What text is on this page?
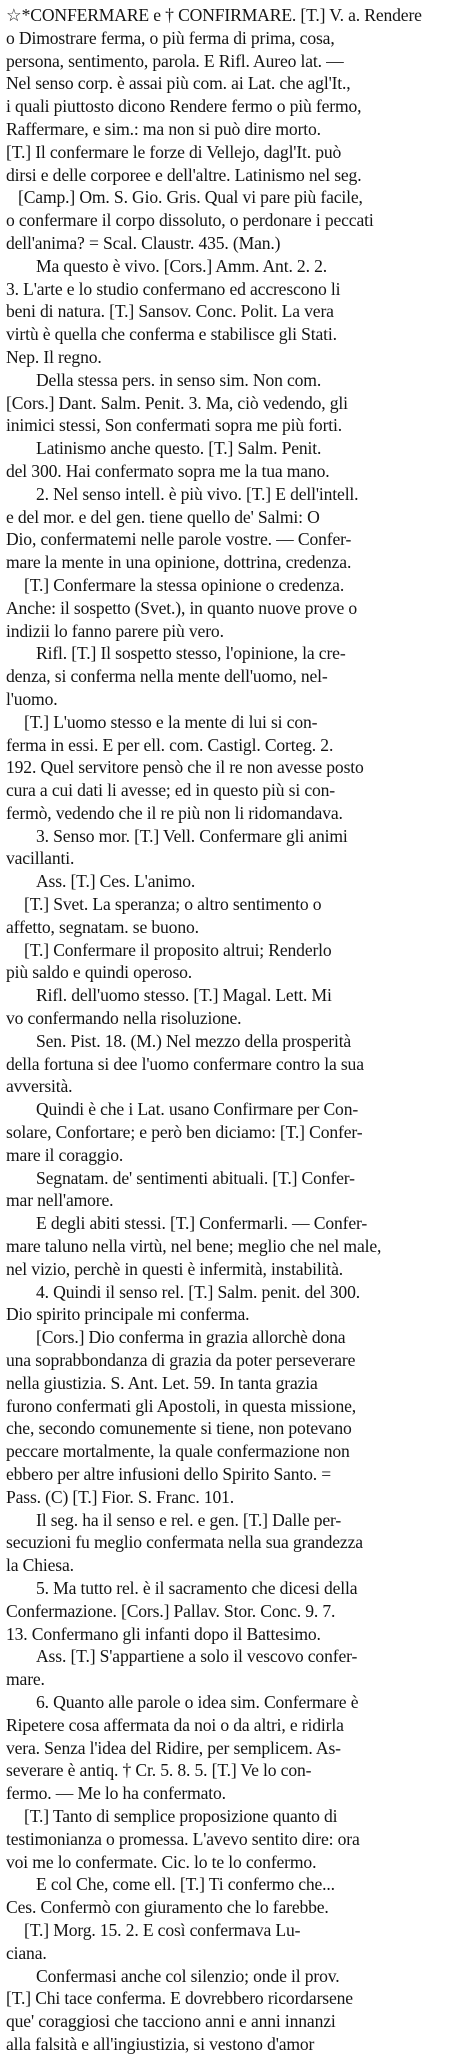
☆*CONFERMARE e † CONFIRMARE. [T.] V. a. Rendere
o Dimostrare ferma, o più ferma di prima, cosa,
persona, sentimento, parola. E Rifl. Aureo lat. —
Nel senso corp. è assai più com. ai Lat. che agl'It.,
i quali piuttosto dicono Rendere fermo o più fermo,
Raffermare, e sim.: ma non si può dire morto.
[T.] Il confermare le forze di Vellejo, dagl'It. può
dirsi e delle corporee e dell'altre. Latinismo nel seg.
[Camp.] Om. S. Gio. Gris. Qual vi pare più facile,
o confermare il corpo dissoluto, o perdonare i peccati
dell'anima? = Scal. Claustr. 435. (Man.)
Ma questo è vivo. [Cors.] Amm. Ant. 2. 2.
3. L'arte e lo studio confermano ed accrescono li
beni di natura. [T.] Sansov. Conc. Polit. La vera
virtù è quella che conferma e stabilisce gli Stati.
Nep. Il regno.
Della stessa pers. in senso sim. Non com.
[Cors.] Dant. Salm. Penit. 3. Ma, ciò vedendo, gli
inimici stessi, Son confermati sopra me più forti.
Latinismo anche questo. [T.] Salm. Penit.
del 300. Hai confermato sopra me la tua mano.
2. Nel senso intell. è più vivo. [T.] E dell'intell.
e del mor. e del gen. tiene quello de' Salmi: O
Dio, confermatemi nelle parole vostre. — Confer-
mare la mente in una opinione, dottrina, credenza.
[T.] Confermare la stessa opinione o credenza.
Anche: il sospetto (Svet.), in quanto nuove prove o
indizii lo fanno parere più vero.
Rifl. [T.] Il sospetto stesso, l'opinione, la cre-
denza, si conferma nella mente dell'uomo, nel-
l'uomo.
[T.] L'uomo stesso e la mente di lui si con-
ferma in essi. E per ell. com. Castigl. Corteg. 2.
192. Quel servitore pensò che il re non avesse posto
cura a cui dati li avesse; ed in questo più si con-
fermò, vedendo che il re più non li ridomandava.
3. Senso mor. [T.] Vell. Confermare gli animi
vacillanti.
Ass. [T.] Ces. L'animo.
[T.] Svet. La speranza; o altro sentimento o
affetto, segnatam. se buono.
[T.] Confermare il proposito altrui; Renderlo
più saldo e quindi operoso.
Rifl. dell'uomo stesso. [T.] Magal. Lett. Mi
vo confermando nella risoluzione.
Sen. Pist. 18. (M.) Nel mezzo della prosperità
della fortuna si dee l'uomo confermare contro la sua
avversità.
Quindi è che i Lat. usano Confirmare per Con-
solare, Confortare; e però ben diciamo: [T.] Confer-
mare il coraggio.
Segnatam. de' sentimenti abituali. [T.] Confer-
mar nell'amore.
E degli abiti stessi. [T.] Confermarli. — Confer-
mare taluno nella virtù, nel bene; meglio che nel male,
nel vizio, perchè in questi è infermità, instabilità.
4. Quindi il senso rel. [T.] Salm. penit. del 300.
Dio spirito principale mi conferma.
[Cors.] Dio conferma in grazia allorchè dona
una soprabbondanza di grazia da poter perseverare
nella giustizia. S. Ant. Let. 59. In tanta grazia
furono confermati gli Apostoli, in questa missione,
che, secondo comunemente si tiene, non potevano
peccare mortalmente, la quale confermazione non
ebbero per altre infusioni dello Spirito Santo. =
Pass. (C) [T.] Fior. S. Franc. 101.
Il seg. ha il senso e rel. e gen. [T.] Dalle per-
secuzioni fu meglio confermata nella sua grandezza
la Chiesa.
5. Ma tutto rel. è il sacramento che dicesi della
Confermazione. [Cors.] Pallav. Stor. Conc. 9. 7.
13. Confermano gli infanti dopo il Battesimo.
Ass. [T.] S'appartiene a solo il vescovo confer-
mare.
6. Quanto alle parole o idea sim. Confermare è
Ripetere cosa affermata da noi o da altri, e ridirla
vera. Senza l'idea del Ridire, per semplicem. As-
severare è antiq. † Cr. 5. 8. 5. [T.] Ve lo con-
fermo. — Me lo ha confermato.
[T.] Tanto di semplice proposizione quanto di
testimonianza o promessa. L'avevo sentito dire: ora
voi me lo confermate. Cic. lo te lo confermo.
E col Che, come ell. [T.] Ti confermo che...
Ces. Confermò con giuramento che lo farebbe.
[T.] Morg. 15. 2. E così confermava Lu-
ciana.
Confermasi anche col silenzio; onde il prov.
[T.] Chi tace conferma. E dovrebbero ricordarsene
que' coraggiosi che tacciono anni e anni innanzi
alla falsità e all'ingiustizia, si vestono d'amor
